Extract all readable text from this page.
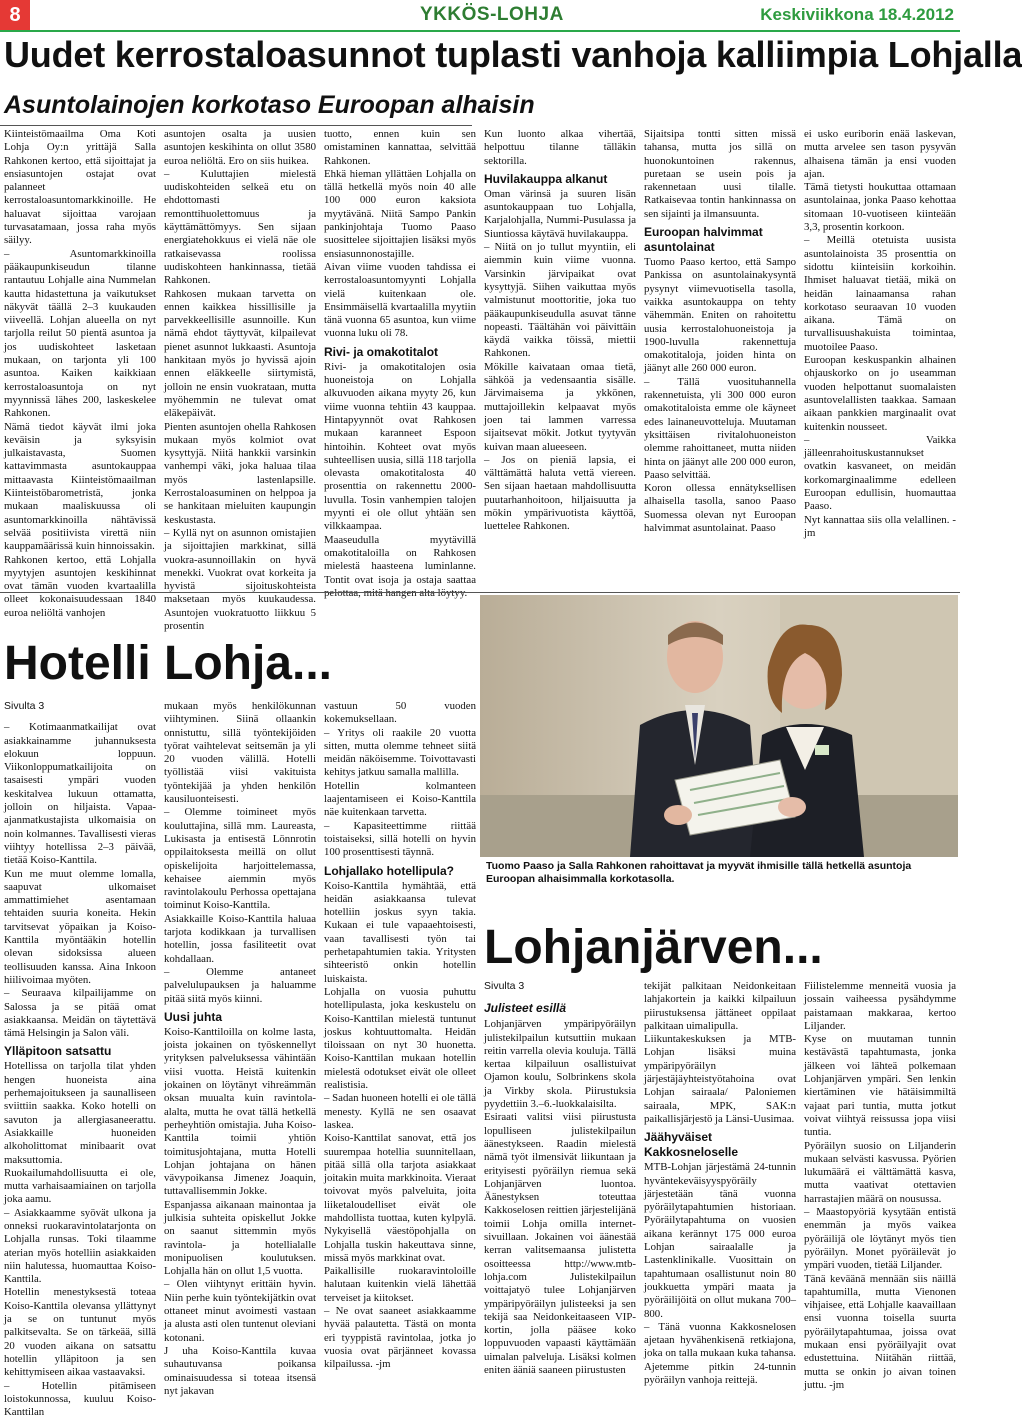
8	YKKÖS-LOHJA	Keskiviikkona 18.4.2012
Uudet kerrostaloasunnot tuplasti vanhoja kalliimpia Lohjalla
Asuntolainojen korkotaso Euroopan alhaisin

Kiinteistömaailma Oma Koti Lohja Oy:n yrittäjä Salla Rahkonen kertoo, että sijoittajat ja ensiasuntojen ostajat ovat palanneet kerrostaloasuntomarkkinoille. He haluavat sijoittaa varojaan turvasatamaan, jossa raha myös säilyy.

– Asuntomarkkinoilla pääkaupunkiseudun tilanne rantautuu Lohjalle aina Nummelan kautta hidastettuna ja vaikutukset näkyvät täällä 2–3 kuukauden viiveellä. Lohjan alueella on nyt tarjolla reilut 50 pientä asuntoa ja jos uudiskohteet lasketaan mukaan, on tarjonta yli 100 asuntoa. Kaiken kaikkiaan kerrostaloasuntoja on nyt myynnissä lähes 200, laskeskelee Rahkonen.

Nämä tiedot käyvät ilmi joka keväisin ja syksyisin julkaistavasta, Suomen kattavimmasta asuntokauppaa mittaavasta Kiinteistömaailman Kiinteistöbarometristä, jonka mukaan maaliskuussa oli asuntomarkkinoilla nähtävissä selvää positiivista virettä niin kauppamäärissä kuin hinnoissakin.

Rahkonen kertoo, että Lohjalla myytyjen asuntojen keskihinnat ovat tämän vuoden kvartaalilla olleet kokonaisuudessaan 1840 euroa neliöltä vanhojen

asuntojen osalta ja uusien asuntojen keskihinta on ollut 3580 euroa neliöltä. Ero on siis huikea.

– Kuluttajien mielestä uudiskohteiden selkeä etu on ehdottomasti remonttihuolettomuus ja käyttämättömyys. Sen sijaan energiatehokkuus ei vielä näe ole ratkaisevassa roolissa uudiskohteen hankinnassa, tietää Rahkonen.

Rahkosen mukaan tarvetta on ennen kaikkea hissillisille ja parvekkeellisille asunnoille. Kun nämä ehdot täyttyvät, kilpailevat pienet asunnot lukkaasti. Asuntoja hankitaan myös jo hyvissä ajoin ennen eläkkeelle siirtymistä, jolloin ne ensin vuokrataan, mutta myöhemmin ne tulevat omat eläkepäivät.

Pienten asuntojen ohella Rahkosen mukaan myös kolmiot ovat kysyttyjä. Niitä hankkii varsinkin vanhempi väki, joka haluaa tilaa myös lastenlapsille. Kerrostaloasuminen on helppoa ja se hankitaan mieluiten kaupungin keskustasta.

– Kyllä nyt on asunnon omistajien ja sijoittajien markkinat, sillä vuokra-asunnoillakin on hyvä menekki. Vuokrat ovat korkeita ja hyvistä sijoituskohteista maksetaan myös kuukaudessa. Asuntojen vuokratuotto liikkuu 5 prosentin

tuotto, ennen kuin sen omistaminen kannattaa, selvittää Rahkonen.

Ehkä hieman yllättäen Lohjalla on tällä hetkellä myös noin 40 alle 100 000 euron kaksiota myytävänä. Niitä Sampo Pankin pankinjohtaja Tuomo Paaso suosittelee sijoittajien lisäksi myös ensiasunnonostajille.

Aivan viime vuoden tahdissa ei kerrostaloasuntomyynti Lohjalla vielä kuitenkaan ole. Ensimmäisellä kvartaalilla myytiin tänä vuonna 65 asuntoa, kun viime vuonna luku oli 78.

Rivi- ja omakotitalot

Rivi- ja omakotitalojen osia huoneistoja on Lohjalla alkuvuoden aikana myyty 26, kun viime vuonna tehtiin 43 kauppaa. Hintapyynnöt ovat Rahkosen mukaan karanneet Espoon hintoihin. Kohteet ovat myös suhteellisen uusia, sillä 118 tarjolla olevasta omakotitalosta 40 prosenttia on rakennettu 2000-luvulla. Tosin vanhempien talojen myynti ei ole ollut yhtään sen vilkkaampaa.

Maaseudulla myytävillä omakotitaloilla on Rahkosen mielestä haasteena luminlanne. Tontit ovat isoja ja ostaja saattaa

Kun luonto alkaa vihertää, helpottuu tilanne tälläkin sektorilla.

Huvilakauppa alkanut

Oman värinsä ja suuren lisän asuntokauppaan tuo Lohjalla, Karjalohjalla, Nummi-Pusulassa ja Siuntiossa käytävä huvilakauppa.

– Niitä on jo tullut myyntiin, eli aiemmin kuin viime vuonna. Varsinkin järvipaikat ovat kysyttyjä. Siihen vaikuttaa myös valmistunut moottoritie, joka tuo pääkaupunkiseudulla asuvat tänne nopeasti. Täältähän voi päivittäin käydä vaikka töissä, miettii Rahkonen.

Mökille kaivataan omaa tietä, sähköä ja vedensaantia sisälle. Järvimaisema ja ykkönen, muttajoillekin kelpaavat myös joen tai lammen varressa sijaitsevat mökit. Jotkut tyytyvän kuivan maan alueeseen.

– Jos on pieniä lapsia, ei välttämättä haluta vettä viereen. Sen sijaan haetaan mahdollisuutta puutarhanhoitoon, hiljaisuutta ja mökin ympärivuotista käyttöä, luettelee Rahkonen.

Sijaitsipa tontti sitten missä tahansa, mutta jos sillä on huonokuntoinen rakennus, puretaan se usein pois ja rakennetaan uusi tilalle. Ratkaisevaa tontin hankinnassa on sen sijainti ja ilmansuunta.

Euroopan halvimmat asuntolainat

Tuomo Paaso kertoo, että Sampo Pankissa on asuntolainakysyntä pysynyt viimevuotisella tasolla, vaikka asuntokauppa on tehty vähemmän. Eniten on rahoitettu uusia kerrostalohuoneistoja ja 1900-luvulla rakennettuja omakotitaloja, joiden hinta on jäänyt alle 260 000 euron.

– Tällä vuosituhannella rakennetuista, yli 300 000 euron omakotitaloista emme ole käyneet edes lainaneuvotteluja. Muutaman yksittäisen rivitalohuoneiston olemme rahoittaneet, mutta niiden hinta on jäänyt alle 200 000 euron, Paaso selvittää.

Koron ollessa ennätyksellisen alhaisella tasolla, sanoo Paaso Suomessa olevan nyt Euroopan halvimmat asuntolainat. Paaso

ei usko euriborin enää laskevan, mutta arvelee sen tason pysyvän alhaisena tämän ja ensi vuoden ajan.

Tämä tietysti houkuttaa ottamaan asuntolainaa, jonka Paaso kehottaa sitomaan 10-vuotiseen kiinteään 3,3, prosentin korkoon.

– Meillä otetuista uusista asuntolainoista 35 prosenttia on sidottu kiinteisiin korkoihin. Ihmiset haluavat tietää, mikä on heidän lainaamansa rahan korkotaso seuraavan 10 vuoden aikana. Tämä on turvallisuushakuista toimintaa, muotoilee Paaso.

Euroopan keskuspankin alhainen ohjauskorko on jo useamman vuoden helpottanut suomalaisten asuntovelallisten taakkaa. Samaan aikaan pankkien marginaalit ovat kuitenkin nousseet.

– Vaikka jälleenrahoituskustannukset ovatkin kasvaneet, on meidän korkomarginaalimme edelleen Euroopan edullisin, huomauttaa Paaso.

Nyt kannattaa siis olla velallinen. -jm

Hotelli Lohja...
Sivulta 3

– Kotimaanmatkailijat ovat asiakkainamme juhannuksesta elokuun loppuun. Viikonloppumatkailijoita on tasaisesti ympäri vuoden keskitalvea lukuun ottamatta, jolloin on hiljaista. Vapaa-ajanmatkustajista ulkomaisia on noin kolmannes. Tavallisesti vieras viihtyy hotellissa 2–3 päivää, tietää Koiso-Kanttila.

Kun me muut olemme lomalla, saapuvat ulkomaiset ammattimiehet asentamaan tehtaiden suuria koneita. Hekin tarvitsevat yöpaikan ja Koiso-Kanttila myöntääkin hotellin olevan sidoksissa alueen teollisuuden kanssa. Aina Inkoon hiilivoimaa myöten.

– Seuraava kilpailijamme on Salossa ja se pitää omat asiakkaansa. Meidän on täytettävä tämä Helsingin ja Salon väli.

Ylläpitoon satsattu

Hotellissa on tarjolla tilat yhden hengen huoneista aina perhemajoitukseen ja saunalliseen sviittiin saakka. Koko hotelli on savuton ja allergiasaneerattu. Asiakkaille huoneiden alkoholittomat minibaarit ovat maksuttomia. Ruokailumahdollisuutta ei ole, mutta varhaisaamiainen on tarjolla joka aamu.

– Asiakkaamme syövät ulkona ja onneksi ruokaravintolatarjonta on Lohjalla runsas. Toki tilaamme aterian myös hotelliin asiakkaiden niin halutessa, huomauttaa Koiso-Kanttila.

Hotellin menestyksestä toteaa Koiso-Kanttila olevansa yllättynyt ja se on tuntunut myös palkitsevalta. Se on tärkeää, sillä 20 vuoden aikana on satsattu hotellin ylläpitoon ja sen kehittymiseen aikaa vastaavaksi.

– Hotellin pitämiseen loistokunnossa, kuuluu Koiso-Kanttilan

mukaan myös henkilökunnan viihtyminen. Siinä ollaankin onnistuttu, sillä työntekijöiden työrat vaihtelevat seitsemän ja yli 20 vuoden välillä. Hotelli työllistää viisi vakituista työntekijää ja yhden henkilön kausiluonteisesti.

– Olemme toimineet myös kouluttajina, sillä mm. Laureasta, Lukisasta ja entisestä Lönnrotin oppilaitoksesta meillä on ollut opiskelijoita harjoittelemassa, kehaisee aiemmin myös ravintolakoulu Perhossa opettajana toiminut Koiso-Kanttila.

Asiakkaille Koiso-Kanttila haluaa tarjota kodikkaan ja turvallisen hotellin, jossa fasiliteetit ovat kohdallaan.

– Olemme antaneet palvelulupauksen ja haluamme pitää siitä myös kiinni.

Uusi juhta

Koiso-Kanttiloilla on kolme lasta, joista jokainen on työskennellyt yrityksen palveluksessa vähintään viisi vuotta. Heistä kuitenkin jokainen on löytänyt vihreämmän oksan muualta kuin ravintola-alalta, mutta he ovat tällä hetkellä perheyhtiön omistajia. Juha Koiso-Kanttila toimii yhtiön toimitusjohtajana, mutta Hotelli Lohjan johtajana on hänen vävypoikansa Jimenez Joaquin, tuttavallisemmin Jokke.

Espanjassa aikanaan mainontaa ja julkisia suhteita opiskellut Jokke on saanut sittemmin myös ravintola- ja hotellialalle monipuolisen koulutuksen. Lohjalla hän on ollut 1,5 vuotta.

– Olen viihtynyt erittäin hyvin. Niin perhe kuin työntekijätkin ovat ottaneet minut avoimesti vastaan ja alusta asti olen tuntenut oleviani kotonani.

J uha Koiso-Kanttila kuvaa suhautuvansa poikansa ominaisuudessa si toteaa itsensä nyt jakavan

vastuun 50 vuoden kokemuksellaan.

– Yritys oli raakile 20 vuotta sitten, mutta olemme tehneet siitä meidän näköisemme. Toivottavasti kehitys jatkuu samalla mallilla.

Hotellin kolmanteen laajentamiseen ei Koiso-Kanttila näe kuitenkaan tarvetta.

– Kapasiteettimme riittää toistaiseksi, sillä hotelli on hyvin 100 prosenttisesti täynnä.

Lohjallako hotellipula?

Koiso-Kanttila hymähtää, että heidän asiakkaansa tulevat hotelliin joskus syyn takia. Kukaan ei tule vapaaehtoisesti, vaan tavallisesti työn tai perhetapahtumien takia. Yritysten sihteeristö onkin hotellin luiskaista.

Lohjalla on vuosia puhuttu hotellipulasta, joka keskustelu on Koiso-Kanttilan mielestä tuntunut joskus kohtuuttomalta. Heidän tiloissaan on nyt 30 huonetta. Koiso-Kanttilan mukaan hotellin mielestä odotukset eivät ole olleet realistisia.

– Sadan huoneen hotelli ei ole tällä menesty. Kyllä ne sen osaavat laskea.

Koiso-Kanttilat sanovat, että jos suurempaa hotellia suunnitellaan, pitää sillä olla tarjota asiakkaat joitakin muita markkinoita. Vieraat toivovat myös palveluita, joita liiketaloudelliset eivät ole mahdollista tuottaa, kuten kylpylä. Nykyisellä väestöpohjalla on Lohjalla tuskin hakeuttava sinne, missä myös markkinat ovat.

Paikallisille ruokaravintoloille halutaan kuitenkin vielä lähettää terveiset ja kiitokset.

– Ne ovat saaneet asiakkaamme hyvää palautetta. Tästä on monta eri tyyppistä ravintolaa, jotka jo vuosia ovat pärjänneet kovassa kilpailussa. -jm

Tuomo Paaso ja Salla Rahkonen rahoittavat ja myyvät ihmisille tällä hetkellä asuntoja Euroopan alhaisimmalla korkotasolla.
Lohjanjärven...
Sivulta 3
Julisteet esillä

Lohjanjärven ympäripyöräilyn julistekilpailun kutsuttiin mukaan reitin varrella olevia kouluja. Tällä kertaa kilpailuun osallistuivat Ojamon koulu, Solbrinkens skola ja Virkby skola. Piirustuksia pyydettiin 3.–6.-luokkalaisilta.

Esiraati valitsi viisi piirustusta lopulliseen julistekilpailun äänestykseen. Raadin mielestä nämä työt ilmensivät liikuntaan ja erityisesti pyöräilyn riemua sekä Lohjanjärven luontoa. Äänestyksen toteuttaa Kakkoselosen reittien järjestelijänä toimii Lohja omilla internet-sivuillaan. Jokainen voi äänestää kerran valitsemaansa julistetta osoitteessa http://www.mtb-lohja.com Julistekilpailun voittajatyö tulee Lohjanjärven ympäripyöräilyn julisteeksi ja sen tekijä saa Neidonkeitaaseen VIP-kortin, jolla pääsee koko loppuvuoden vapaasti käyttämään uimalan palveluja. Lisäksi kolmen eniten ääniä saaneen piirustusten

tekijät palkitaan Neidonkeitaan lahjakortein ja kaikki kilpailuun piirustuksensa jättäneet oppilaat palkitaan uimalipulla.

Liikuntakeskuksen ja MTB-Lohjan lisäksi muina ympäripyöräilyn järjestäjäyhteistyötahoina ovat Lohjan sairaala/ Paloniemen sairaala, MPK, SAK:n paikallisjärjestö ja Länsi-Uusimaa.

Jäähyväiset Kakkosneloselle

MTB-Lohjan järjestämä 24-tunnin hyväntekeväisyyspyöräily järjestetään tänä vuonna pyöräilytapahtumien historiaan. Pyöräilytapahtuma on vuosien aikana kerännyt 175 000 euroa Lohjan sairaalalle ja Lastenklinikalle. Vuosittain on tapahtumaan osallistunut noin 80 joukkuetta ympäri maata ja pyöräilijöitä on ollut mukana 700–800.

– Tänä vuonna Kakkosnelosen ajetaan hyvähenkisenä retkiajona, joka on talla mukaan kuka tahansa. Ajetemme pitkin 24-tunnin pyöräilyn vanhoja reittejä.

Fiilistelemme menneitä vuosia ja jossain vaiheessa pysähdymme paistamaan makkaraa, kertoo Liljander.

Kyse on muutaman tunnin kestävästä tapahtumasta, jonka jälkeen voi lähteä polkemaan Lohjanjärven ympäri. Sen lenkin kiertäminen vie hätäisimmiltä vajaat pari tuntia, mutta jotkut voivat viihtyä reissussa jopa viisi tuntia.

Pyöräilyn suosio on Liljanderin mukaan selvästi kasvussa. Pyörien lukumäärä ei välttämättä kasva, mutta vaativat otettavien harrastajien määrä on nousussa.

– Maastopyöriä kysytään entistä enemmän ja myös vaikea pyöräilijä ole löytänyt myös tien pyöräilyn. Monet pyöräilevät jo ympäri vuoden, tietää Liljander.

Tänä keväänä mennään siis näillä tapahtumilla, mutta Vienonen vihjaisee, että Lohjalle kaavaillaan ensi vuonna toisella suurta pyöräilytapahtumaa, joissa ovat mukaan ensi pyöräilyajit ovat edustettuina. Niitähän riittää, mutta se onkin jo aivan toinen juttu. -jm
